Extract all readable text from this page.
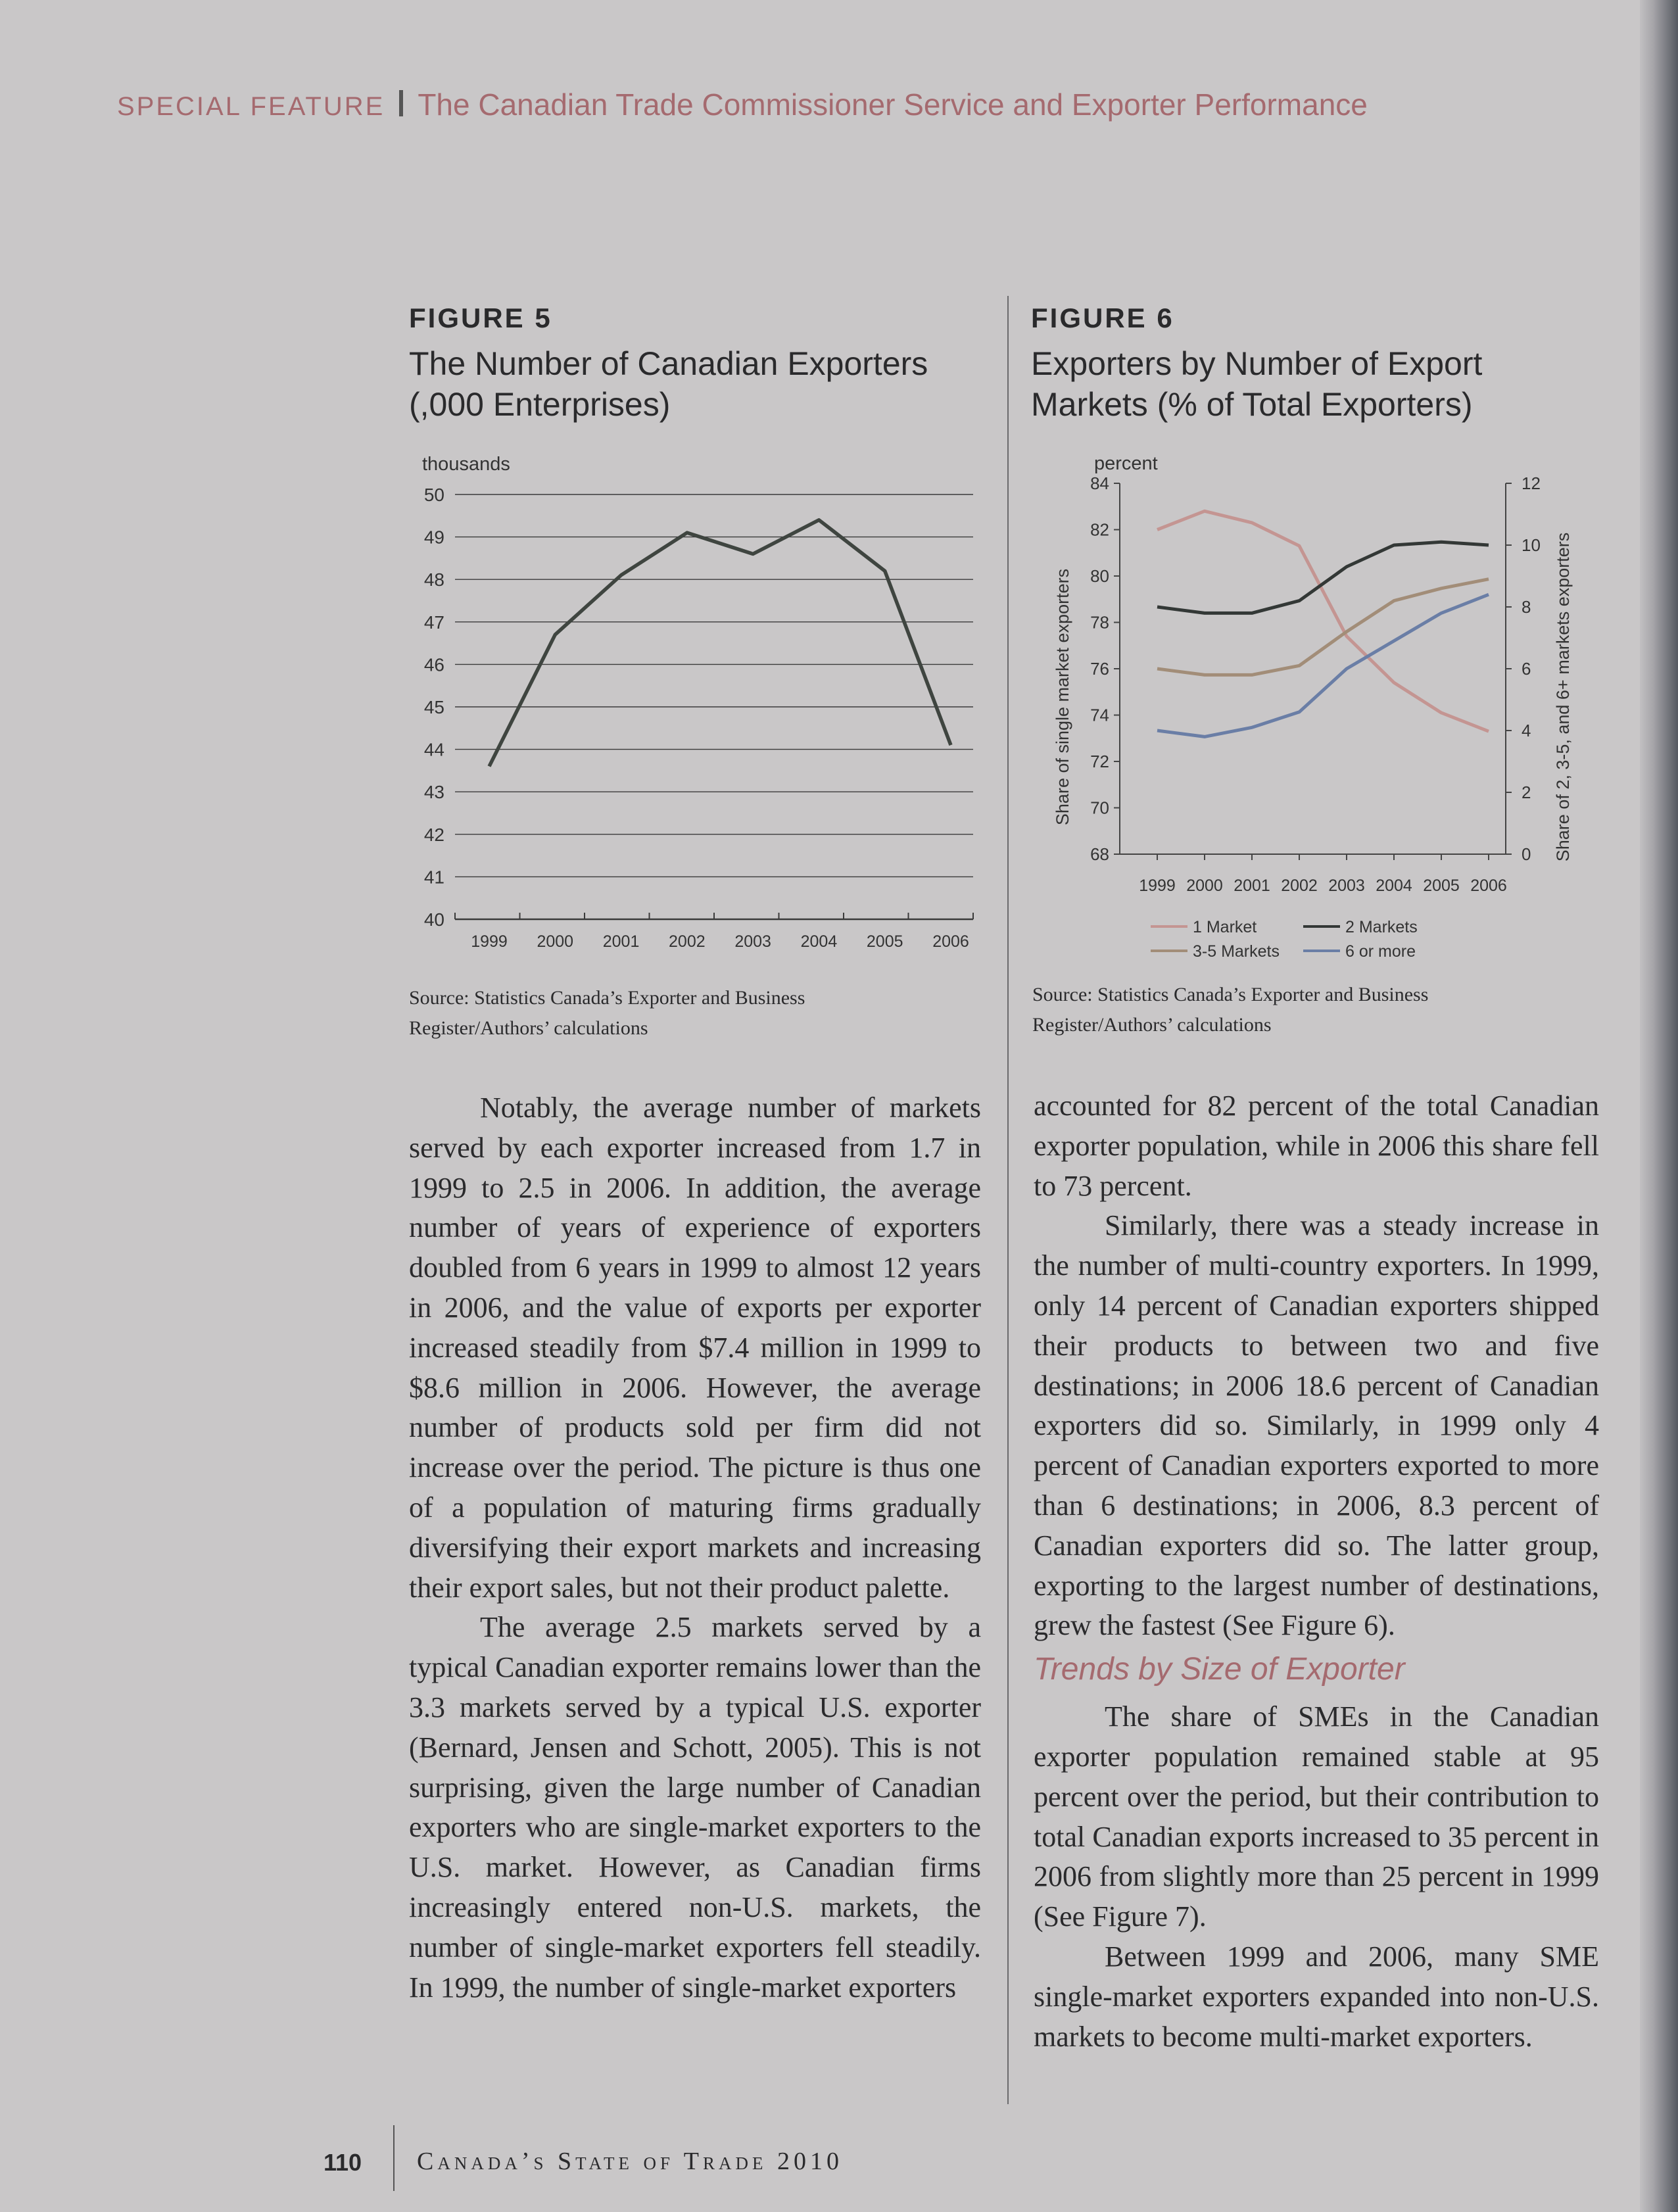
SPECIAL FEATURE The Canadian Trade Commissioner Service and Exporter Performance
FIGURE 5
The Number of Canadian Exporters
(,000 Enterprises)
thousands
40
41
42
43
44
45
46
47
48
49
50
1999 2000 2001 2002 2003 2004 2005 2006
Source: Statistics Canada’s Exporter and Business
Register/Authors’ calculations
FIGURE 6
Exporters by Number of Export
Markets (% of Total Exporters)
percent
Share of single market exporters	Share of 2, 3-5, and 6+ markets exporters
68
70
72
74
76
78
80
82
84
0
2
4
6
8
10
12
1999 2000 2001 2002 2003 2004 2005 2006
1 Market	2 Markets
3-5 Markets	6 or more
Source: Statistics Canada’s Exporter and Business
Register/Authors’ calculations

Notably, the average number of markets served by each exporter increased from 1.7 in 1999 to 2.5 in 2006. In addition, the average number of years of experience of exporters doubled from 6 years in 1999 to almost 12 years in 2006, and the value of exports per exporter increased steadily from $7.4 million in 1999 to $8.6 million in 2006. However, the average number of products sold per firm did not increase over the period. The picture is thus one of a population of maturing firms gradually diversifying their export markets and increasing their export sales, but not their product palette.

The average 2.5 markets served by a typical Canadian exporter remains lower than the 3.3 markets served by a typical U.S. exporter (Bernard, Jensen and Schott, 2005). This is not surprising, given the large number of Canadian exporters who are single-market exporters to the U.S. market. However, as Canadian firms increasingly entered non-U.S. markets, the number of single-market exporters fell steadily. In 1999, the number of single-market exporters

accounted for 82 percent of the total Canadian exporter population, while in 2006 this share fell to 73 percent.

Similarly, there was a steady increase in the number of multi-country exporters. In 1999, only 14 percent of Canadian exporters shipped their products to between two and five destinations; in 2006 18.6 percent of Canadian exporters did so. Similarly, in 1999 only 4 percent of Canadian exporters exported to more than 6 destinations; in 2006, 8.3 percent of Canadian exporters did so. The latter group, exporting to the largest number of destinations, grew the fastest (See Figure 6).

Trends by Size of Exporter

The share of SMEs in the Canadian exporter population remained stable at 95 percent over the period, but their contribution to total Canadian exports increased to 35 percent in 2006 from slightly more than 25 percent in 1999 (See Figure 7).

Between 1999 and 2006, many SME single-market exporters expanded into non-U.S. markets to become multi-market exporters.

110 Canada’s State of Trade 2010
